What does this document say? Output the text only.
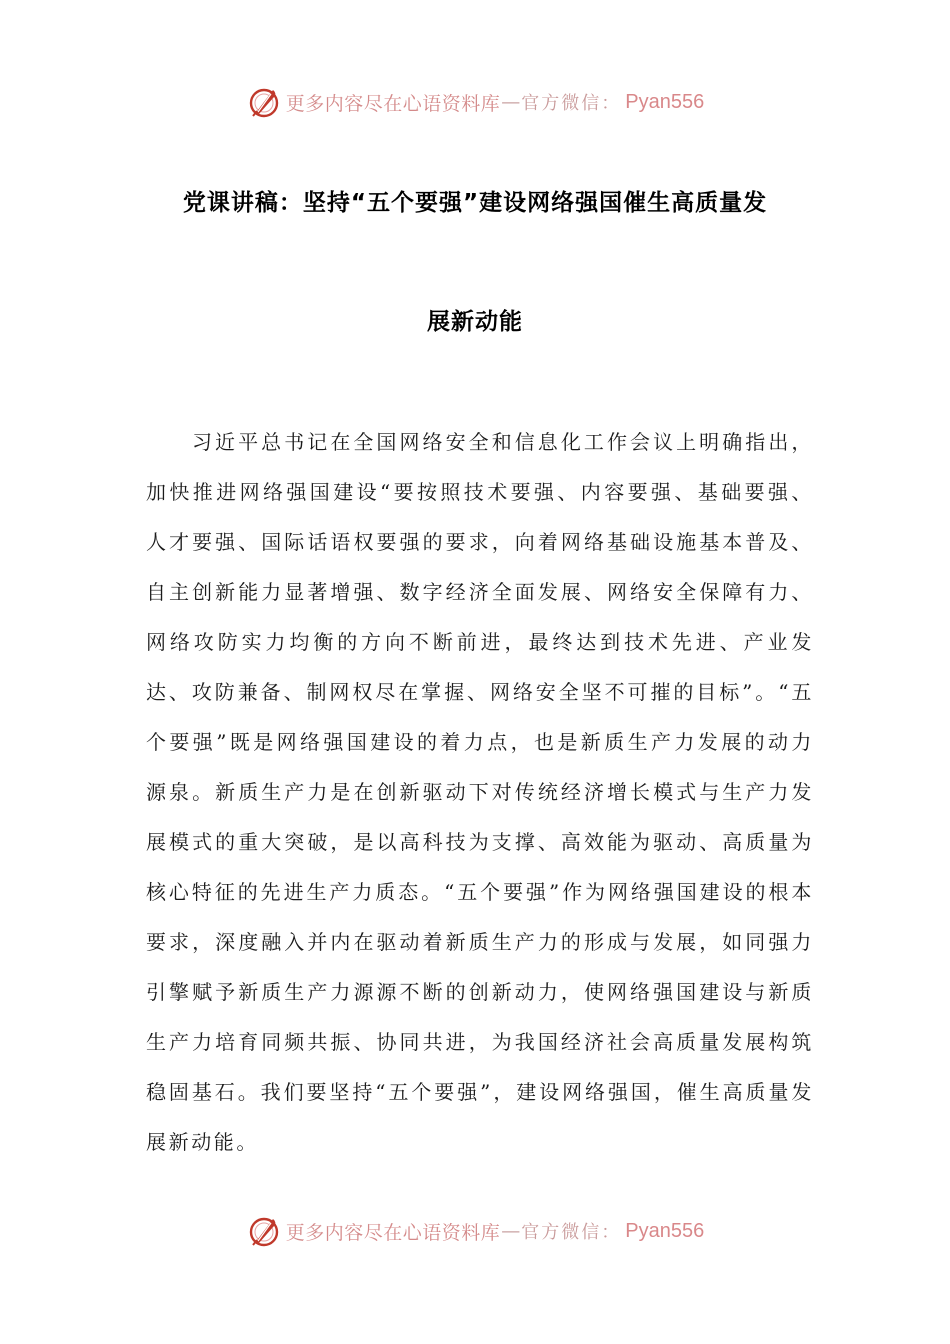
更多内容尽在心语资料库 — 官方微信： Pyan556
党课讲稿：坚持“五个要强”建设网络强国催生高质量发
展新动能

习近平总书记在全国网络安全和信息化工作会议上明确指出，加快推进网络强国建设“要按照技术要强、内容要强、基础要强、人才要强、国际话语权要强的要求，向着网络基础设施基本普及、自主创新能力显著增强、数字经济全面发展、网络安全保障有力、网络攻防实力均衡的方向不断前进，最终达到技术先进、产业发达、攻防兼备、制网权尽在掌握、网络安全坚不可摧的目标”。“五个要强”既是网络强国建设的着力点，也是新质生产力发展的动力源泉。新质生产力是在创新驱动下对传统经济增长模式与生产力发展模式的重大突破，是以高科技为支撑、高效能为驱动、高质量为核心特征的先进生产力质态。“五个要强”作为网络强国建设的根本要求，深度融入并内在驱动着新质生产力的形成与发展，如同强力引擎赋予新质生产力源源不断的创新动力，使网络强国建设与新质生产力培育同频共振、协同共进，为我国经济社会高质量发展构筑稳固基石。我们要坚持“五个要强”，建设网络强国，催生高质量发展新动能。

更多内容尽在心语资料库 — 官方微信： Pyan556
